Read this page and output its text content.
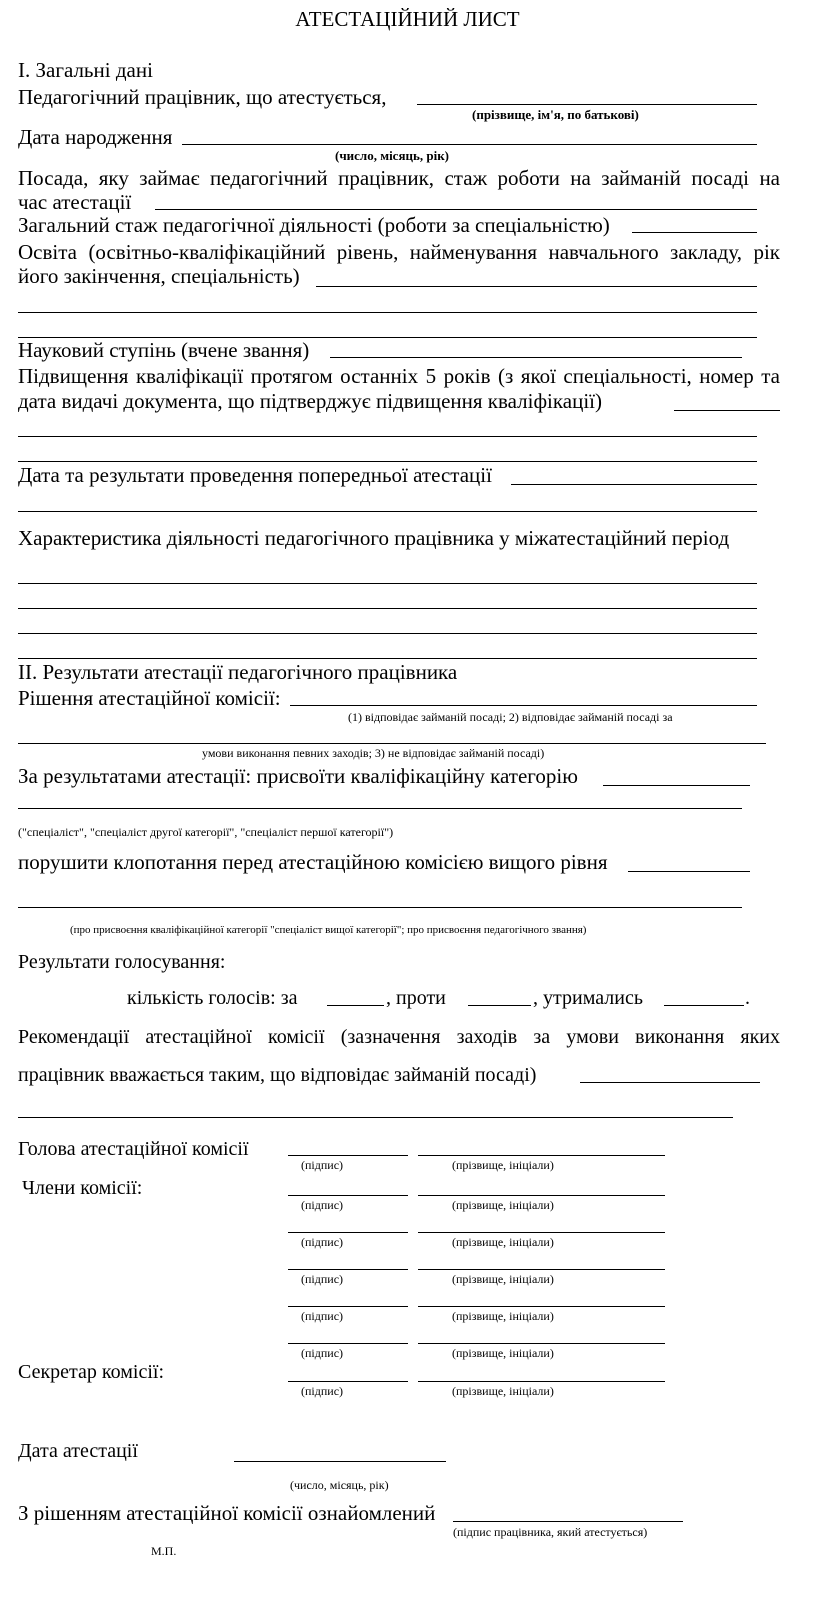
АТЕСТАЦІЙНИЙ ЛИСТ
І. Загальні дані
Педагогічний працівник, що атестується,
(прізвище, ім'я, по батькові)
Дата народження
(число, місяць, рік)
Посада, яку займає педагогічний працівник, стаж роботи на займаній посаді на
час атестації
Загальний стаж педагогічної діяльності (роботи за спеціальністю)
Освіта (освітньо-кваліфікаційний рівень, найменування навчального закладу, рік
його закінчення, спеціальність)
Науковий ступінь (вчене звання)
Підвищення кваліфікації протягом останніх 5 років (з якої спеціальності, номер та
дата видачі документа, що підтверджує підвищення кваліфікації)
Дата та результати проведення попередньої атестації
Характеристика діяльності педагогічного працівника у міжатестаційний період
ІІ. Результати атестації педагогічного працівника
Рішення атестаційної комісії:
(1) відповідає займаній посаді; 2) відповідає займаній посаді за
умови виконання певних заходів; 3) не відповідає займаній посаді)
За результатами атестації: присвоїти кваліфікаційну категорію
("спеціаліст", "спеціаліст другої категорії", "спеціаліст першої категорії")
порушити клопотання перед атестаційною комісією вищого рівня
(про присвоєння кваліфікаційної категорії "спеціаліст вищої категорії"; про присвоєння педагогічного звання)
Результати голосування:
кількість голосів: за	, проти	, утримались	.
Рекомендації атестаційної комісії (зазначення заходів за умови виконання яких
працівник вважається таким, що відповідає займаній посаді)
Голова атестаційної комісії
(підпис)	(прізвище, ініціали)
Члени комісії:
(підпис)	(прізвище, ініціали)
(підпис)	(прізвище, ініціали)
(підпис)	(прізвище, ініціали)
(підпис)	(прізвище, ініціали)
(підпис)	(прізвище, ініціали)
Секретар комісії:
(підпис)	(прізвище, ініціали)
Дата атестації
(число, місяць, рік)
З рішенням атестаційної комісії ознайомлений
(підпис працівника, який атестується)
М.П.
